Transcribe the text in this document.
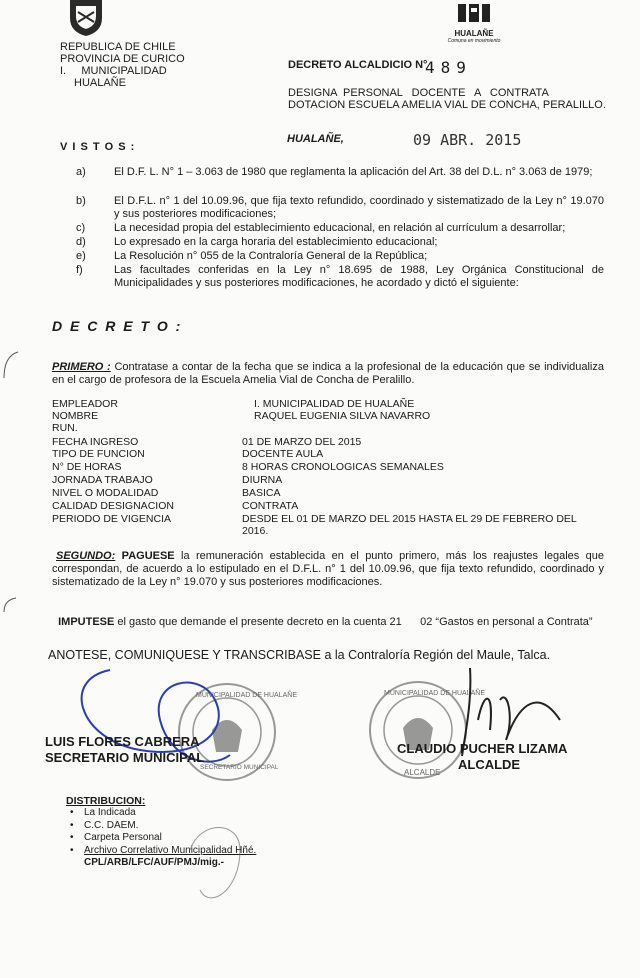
REPUBLICA DE CHILE
PROVINCIA DE CURICO
I.     MUNICIPALIDAD
HUALAÑE
HUALAÑE
Comuna en movimiento
DECRETO ALCALDICIO N°
489
DESIGNA  PERSONAL   DOCENTE   A   CONTRATA
DOTACION ESCUELA AMELIA VIAL DE CONCHA, PERALILLO.
HUALAÑE,	09 ABR. 2015
V I S T O S :
a)	El D.F. L. N° 1 – 3.063 de 1980 que reglamenta la aplicación del Art. 38 del D.L. n° 3.063 de 1979;
b)	El D.F.L. n° 1 del 10.09.96, que fija texto refundido, coordinado y sistematizado de la Ley n° 19.070 y sus posteriores modificaciones;
c)	La necesidad propia del establecimiento educacional, en relación al currículum a desarrollar;
d)	Lo expresado en la carga horaria del establecimiento educacional;
e)	La Resolución n° 055 de la Contraloría General de la República;
f)	Las facultades conferidas en la Ley n° 18.695 de 1988, Ley Orgánica Constitucional de Municipalidades y sus posteriores modificaciones, he acordado y dictó el siguiente:
D E C R E T O :
PRIMERO : Contratase a contar de la fecha que se indica a la profesional de la educación que se individualiza en el cargo de profesora de la Escuela Amelia Vial de Concha de Peralillo.
EMPLEADOR	I. MUNICIPALIDAD DE HUALAÑE
NOMBRE	RAQUEL EUGENIA SILVA NAVARRO
RUN.
FECHA INGRESO	01 DE MARZO DEL 2015
TIPO DE FUNCION	DOCENTE AULA
N° DE HORAS	8 HORAS CRONOLOGICAS SEMANALES
JORNADA TRABAJO	DIURNA
NIVEL O MODALIDAD	BASICA
CALIDAD DESIGNACION	CONTRATA
PERIODO DE VIGENCIA	DESDE EL 01 DE MARZO DEL 2015 HASTA EL 29 DE FEBRERO DEL 2016.
SEGUNDO: PAGUESE la remuneración establecida en el punto primero, más los reajustes legales que correspondan, de acuerdo a lo estipulado en el D.F.L. n° 1 del 10.09.96, que fija texto refundido, coordinado y sistematizado de la Ley n° 19.070 y sus posteriores modificaciones.

IMPUTESE el gasto que demande el presente decreto en la cuenta 21      02 “Gastos en personal a Contrata”

ANOTESE, COMUNIQUESE Y TRANSCRIBASE a la Contraloría Región del Maule, Talca.
MUNICIPALIDAD DE HUALAÑE
SECRETARIO MUNICIPAL
MUNICIPALIDAD DE HUALAÑE
ALCALDE
LUIS FLORES CABRERA
SECRETARIO MUNICIPAL
CLAUDIO PUCHER LIZAMA
ALCALDE
DISTRIBUCION:
• La Indicada
• C.C. DAEM.
• Carpeta Personal
• Archivo Correlativo Municipalidad Hñé.
CPL/ARB/LFC/AUF/PMJ/mig.-
